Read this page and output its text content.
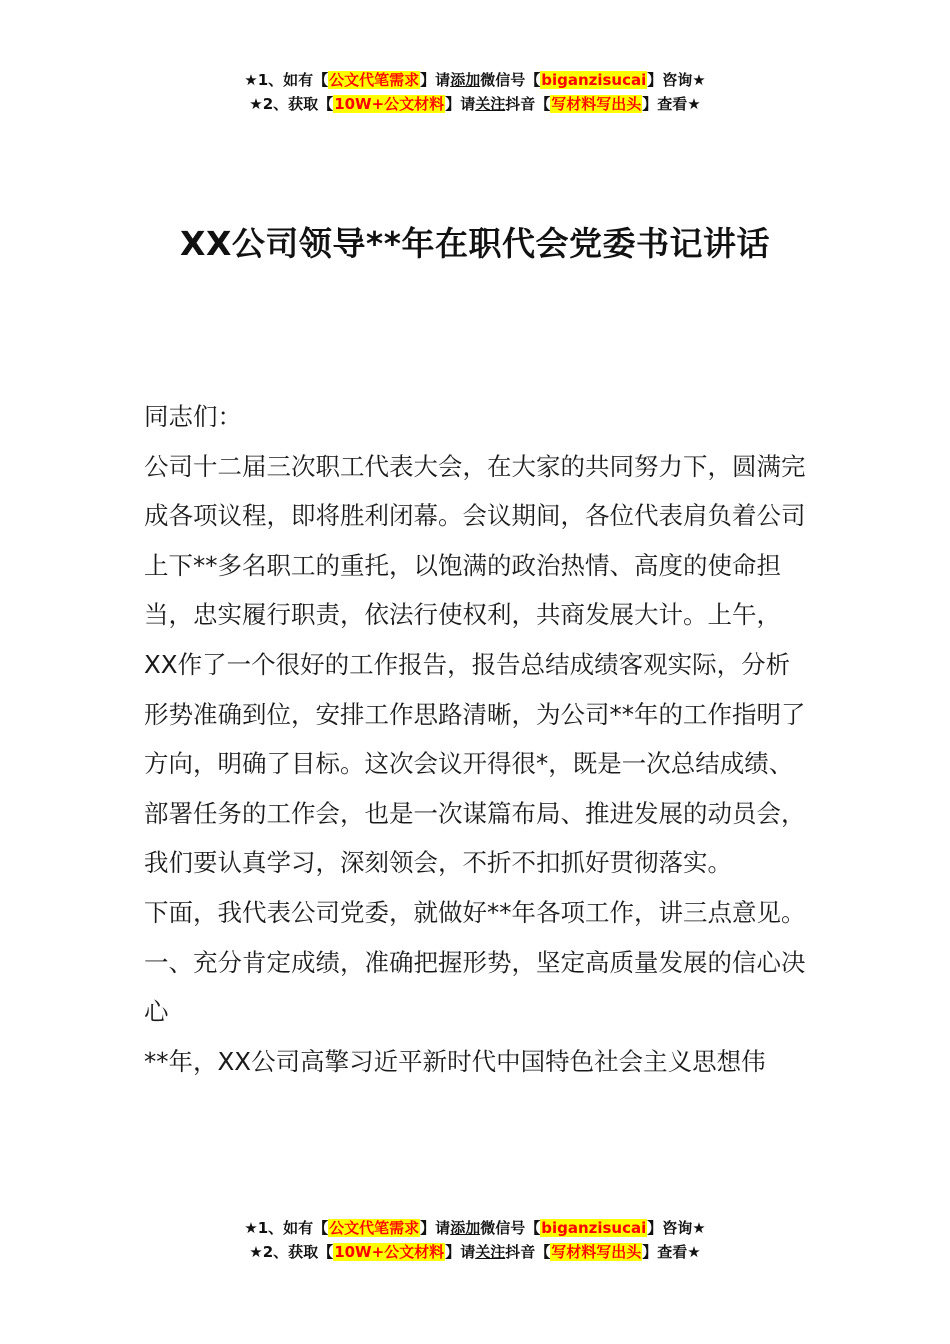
★1、如有【公文代笔需求】请添加微信号【biganzisucai】咨询★
★2、获取【10W+公文材料】请关注抖音【写材料写出头】查看★
XX公司领导**年在职代会党委书记讲话

同志们：

公司十二届三次职工代表大会，在大家的共同努力下，圆满完成各项议程，即将胜利闭幕。会议期间，各位代表肩负着公司上下**多名职工的重托，以饱满的政治热情、高度的使命担当，忠实履行职责，依法行使权利，共商发展大计。上午，XX作了一个很好的工作报告，报告总结成绩客观实际，分析形势准确到位，安排工作思路清晰，为公司**年的工作指明了方向，明确了目标。这次会议开得很*，既是一次总结成绩、部署任务的工作会，也是一次谋篇布局、推进发展的动员会，我们要认真学习，深刻领会，不折不扣抓好贯彻落实。

下面，我代表公司党委，就做好**年各项工作，讲三点意见。

一、充分肯定成绩，准确把握形势，坚定高质量发展的信心决心

**年，XX公司高擎习近平新时代中国特色社会主义思想伟

★1、如有【公文代笔需求】请添加微信号【biganzisucai】咨询★
★2、获取【10W+公文材料】请关注抖音【写材料写出头】查看★
